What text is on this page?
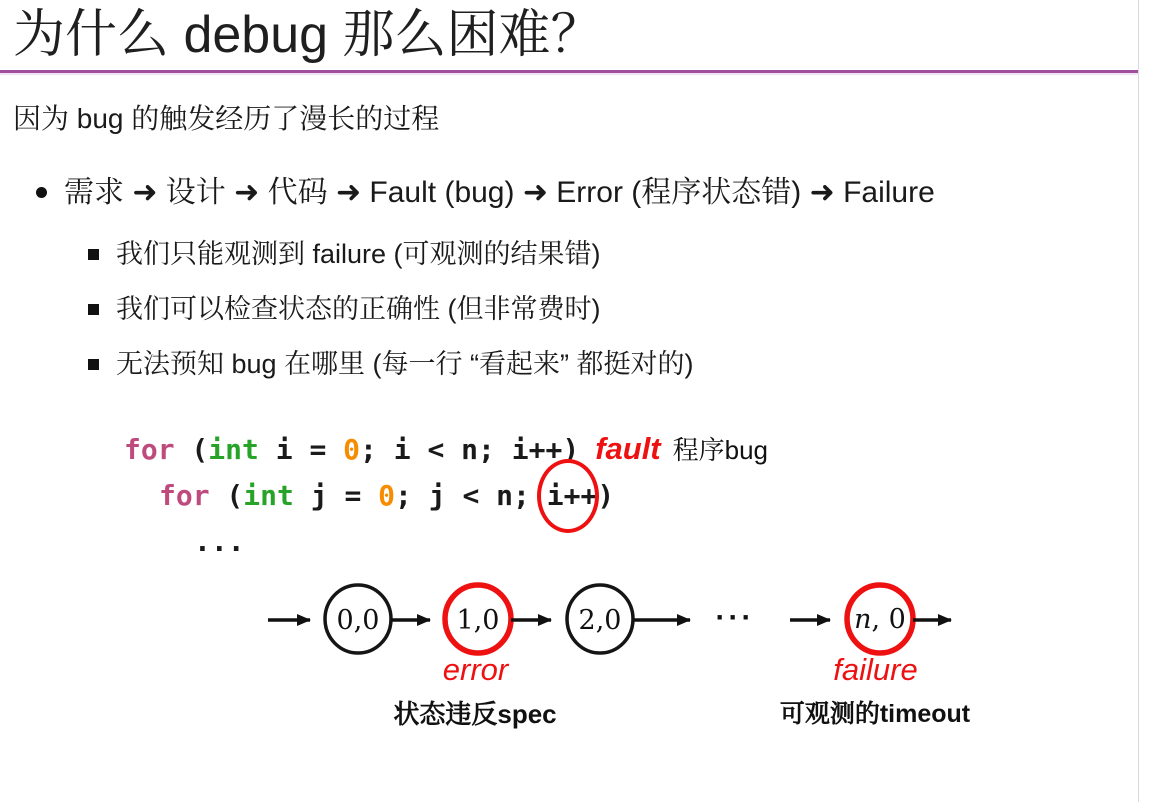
为什么 debug 那么困难？
因为 bug 的触发经历了漫长的过程
需求 ➜ 设计 ➜ 代码 ➜ Fault (bug) ➜ Error (程序状态错) ➜ Failure
我们只能观测到 failure (可观测的结果错)
我们可以检查状态的正确性 (但非常费时)
无法预知 bug 在哪里 (每一行 “看起来” 都挺对的)
for (int i = 0; i < n; i++) fault 程序bug
for (int j = 0; j < n; i++
)
...
0,0	1,0	2,0	···	n, 0
error
状态违反spec
failure
可观测的timeout
